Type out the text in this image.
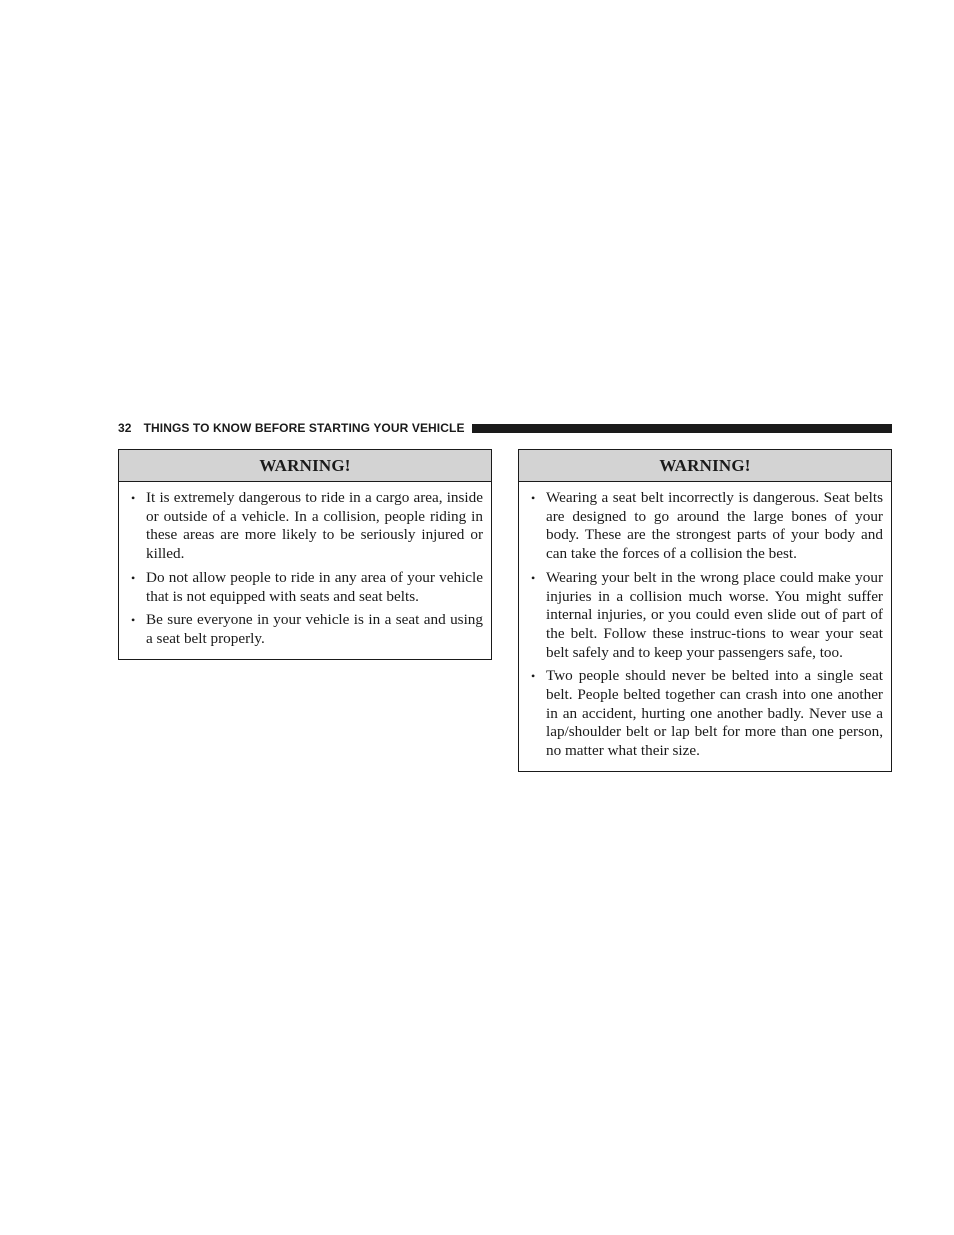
32 THINGS TO KNOW BEFORE STARTING YOUR VEHICLE
WARNING!
• It is extremely dangerous to ride in a cargo area, inside or outside of a vehicle. In a collision, people riding in these areas are more likely to be seriously injured or killed.
• Do not allow people to ride in any area of your vehicle that is not equipped with seats and seat belts.
• Be sure everyone in your vehicle is in a seat and using a seat belt properly.
WARNING!
• Wearing a seat belt incorrectly is dangerous. Seat belts are designed to go around the large bones of your body. These are the strongest parts of your body and can take the forces of a collision the best.
• Wearing your belt in the wrong place could make your injuries in a collision much worse. You might suffer internal injuries, or you could even slide out of part of the belt. Follow these instruc-tions to wear your seat belt safely and to keep your passengers safe, too.
• Two people should never be belted into a single seat belt. People belted together can crash into one another in an accident, hurting one another badly. Never use a lap/shoulder belt or lap belt for more than one person, no matter what their size.
